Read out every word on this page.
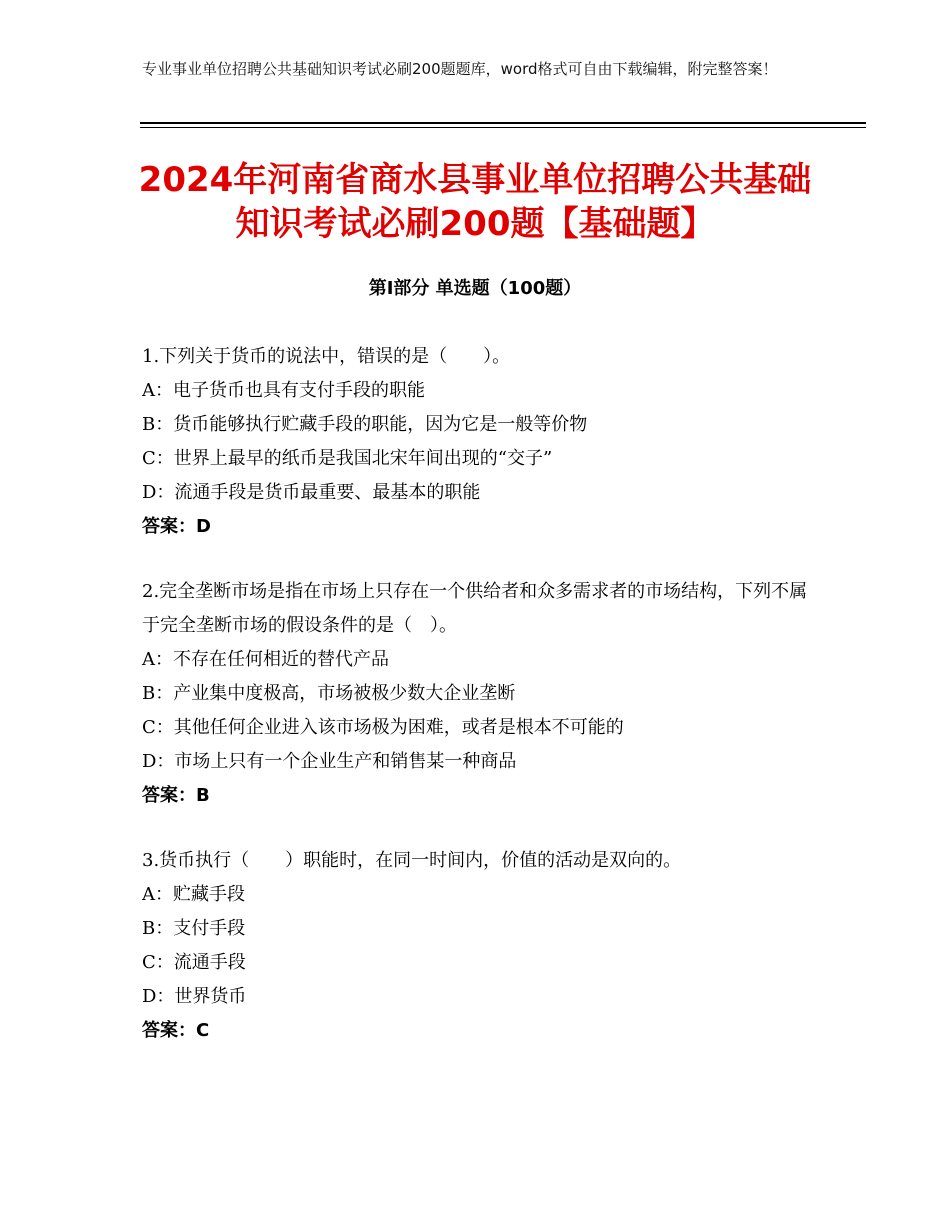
专业事业单位招聘公共基础知识考试必刷200题题库，word格式可自由下载编辑，附完整答案！
2024年河南省商水县事业单位招聘公共基础
知识考试必刷200题【基础题】
第Ⅰ部分 单选题（100题）

1.下列关于货币的说法中，错误的是（　　）。

A：电子货币也具有支付手段的职能

B：货币能够执行贮藏手段的职能，因为它是一般等价物

C：世界上最早的纸币是我国北宋年间出现的“交子”

D：流通手段是货币最重要、最基本的职能

答案：D

2.完全垄断市场是指在市场上只存在一个供给者和众多需求者的市场结构，下列不属于完全垄断市场的假设条件的是（　）。

A：不存在任何相近的替代产品

B：产业集中度极高，市场被极少数大企业垄断

C：其他任何企业进入该市场极为困难，或者是根本不可能的

D：市场上只有一个企业生产和销售某一种商品

答案：B

3.货币执行（　　）职能时，在同一时间内，价值的活动是双向的。

A：贮藏手段

B：支付手段

C：流通手段

D：世界货币

答案：C
